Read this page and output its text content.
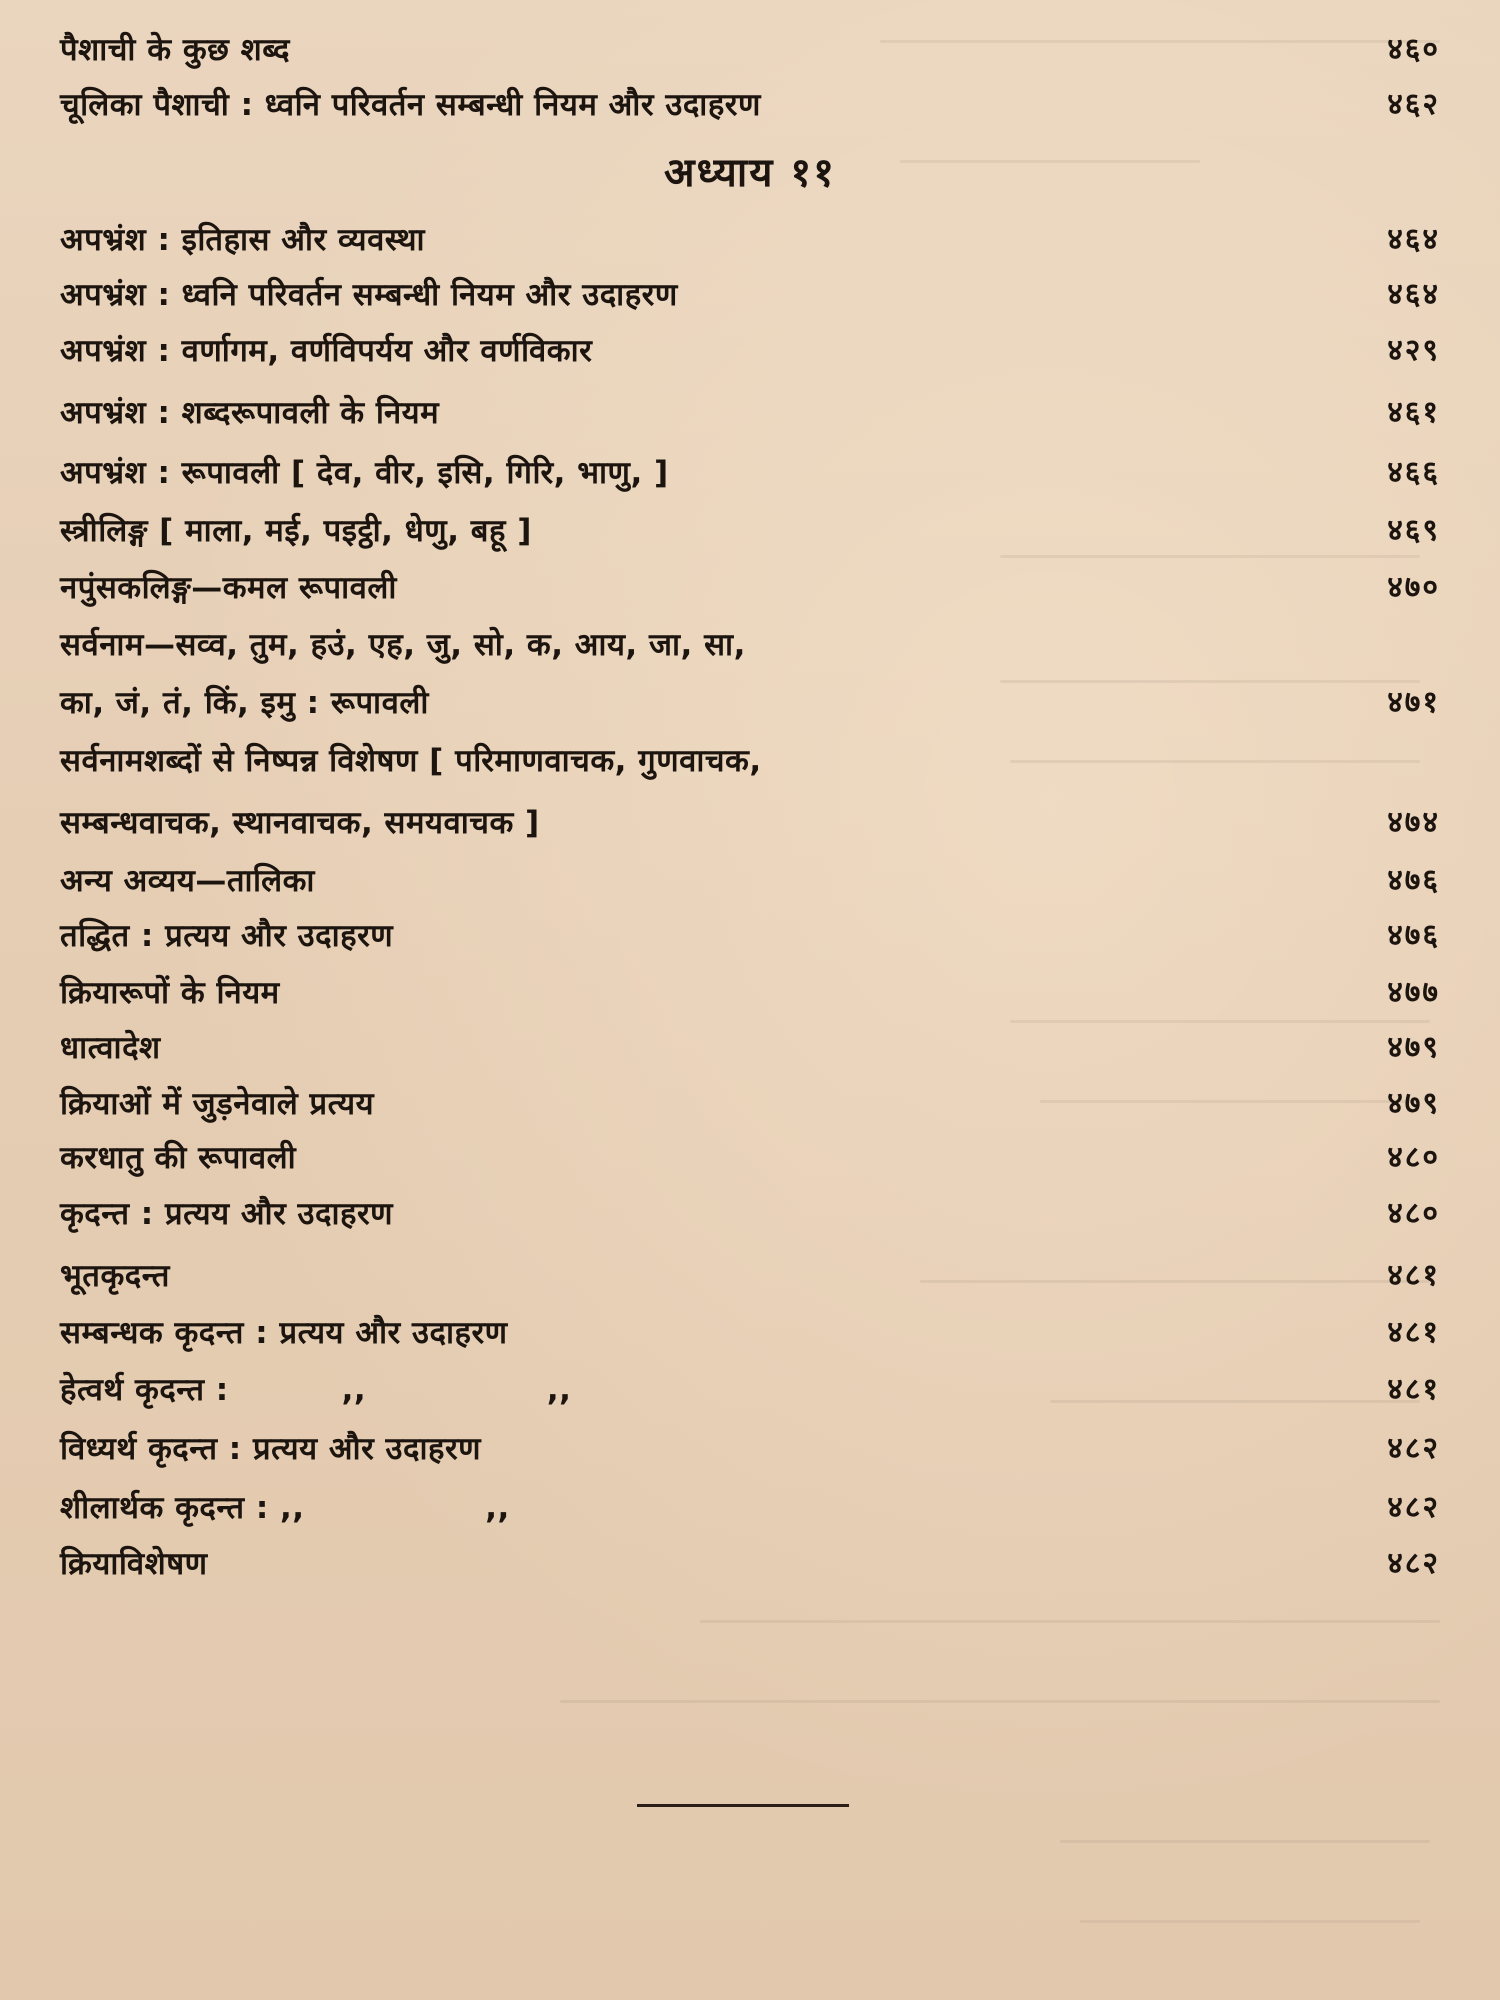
पैशाची के कुछ शब्द	४६०
चूलिका पैशाची : ध्वनि परिवर्तन सम्बन्धी नियम और उदाहरण	४६२
अध्याय ११
अपभ्रंश : इतिहास और व्यवस्था	४६४
अपभ्रंश : ध्वनि परिवर्तन सम्बन्धी नियम और उदाहरण	४६४
अपभ्रंश : वर्णागम, वर्णविपर्यय और वर्णविकार	४२९
अपभ्रंश : शब्दरूपावली के नियम	४६१
अपभ्रंश : रूपावली [ देव, वीर, इसि, गिरि, भाणु, ]	४६६
स्त्रीलिङ्ग [ माला, मई, पइट्ठी, धेणु, बहू ]	४६९
नपुंसकलिङ्ग—कमल रूपावली	४७०
सर्वनाम—सव्व, तुम, हउं, एह, जु, सो, क, आय, जा, सा,
का, जं, तं, किं, इमु : रूपावली	४७१
सर्वनामशब्दों से निष्पन्न विशेषण [ परिमाणवाचक, गुणवाचक,
सम्बन्धवाचक, स्थानवाचक, समयवाचक ]	४७४
अन्य अव्यय—तालिका	४७६
तद्धित : प्रत्यय और उदाहरण	४७६
क्रियारूपों के नियम	४७७
धात्वादेश	४७९
क्रियाओं में जुड़नेवाले प्रत्यय	४७९
करधातु की रूपावली	४८०
कृदन्त : प्रत्यय और उदाहरण	४८०
भूतकृदन्त	४८१
सम्बन्धक कृदन्त : प्रत्यय और उदाहरण	४८१
हेत्वर्थ कृदन्त :          ,,                ,,	४८१
विध्यर्थ कृदन्त : प्रत्यय और उदाहरण	४८२
शीलार्थक कृदन्त : ,,                ,,	४८२
क्रियाविशेषण	४८२
